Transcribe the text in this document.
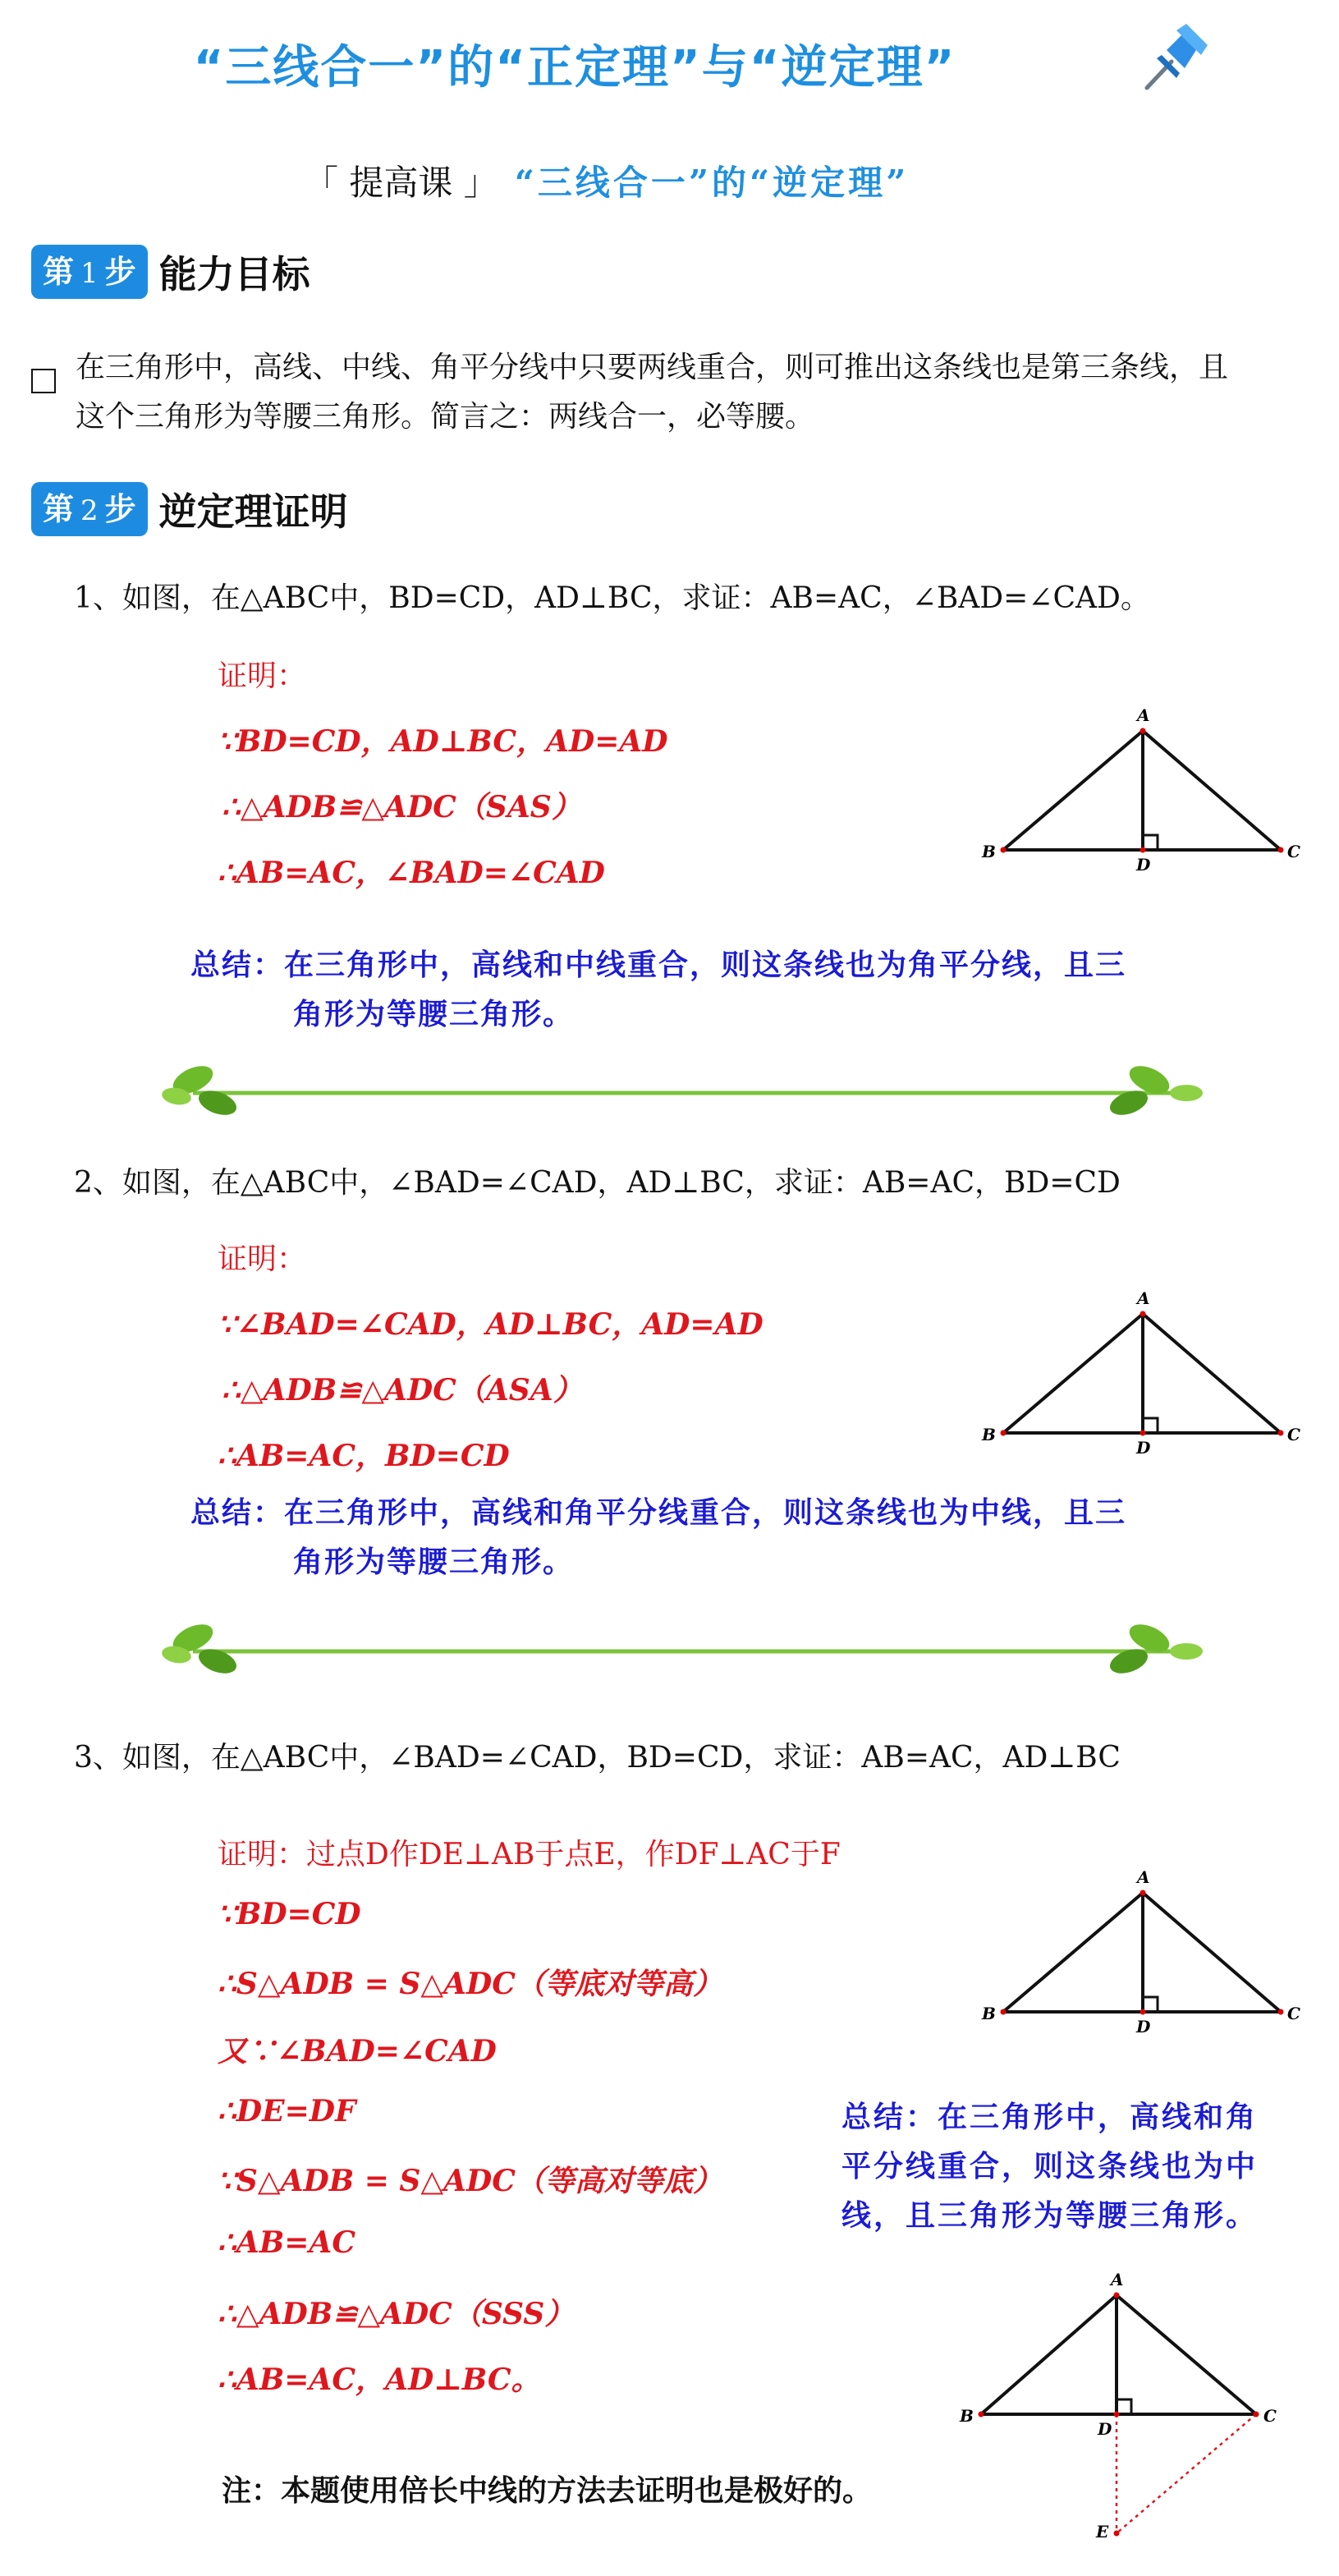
“三线合一”的“正定理”与“逆定理”
「 提高课 」 “三线合一”的“逆定理”
第 1 步 能力目标
在三角形中，高线、中线、角平分线中只要两线重合，则可推出这条线也是第三条线，且这个三角形为等腰三角形。简言之：两线合一，必等腰。
第 2 步 逆定理证明
1、如图，在△ABC中，BD=CD，AD⊥BC，求证：AB=AC，∠BAD=∠CAD。
证明：
∵BD=CD，AD⊥BC，AD=AD
∴△ADB≌△ADC（SAS）
∴AB=AC，∠BAD=∠CAD
A
B	C
D
总结：在三角形中，高线和中线重合，则这条线也为角平分线，且三
角形为等腰三角形。
2、如图，在△ABC中，∠BAD=∠CAD，AD⊥BC，求证：AB=AC，BD=CD
证明：
∵∠BAD=∠CAD，AD⊥BC，AD=AD
∴△ADB≌△ADC（ASA）
∴AB=AC，BD=CD
A
B	C
D
总结：在三角形中，高线和角平分线重合，则这条线也为中线，且三
角形为等腰三角形。
3、如图，在△ABC中，∠BAD=∠CAD，BD=CD，求证：AB=AC，AD⊥BC
证明：过点D作DE⊥AB于点E，作DF⊥AC于F
∵BD=CD
∴S△ADB = S△ADC（等底对等高）
又∵∠BAD=∠CAD
∴DE=DF
∵S△ADB = S△ADC（等高对等底）
∴AB=AC
∴△ADB≌△ADC（SSS）
∴AB=AC，AD⊥BC。
A
B	C
D
总结：在三角形中，高线和角
平分线重合，则这条线也为中
线，且三角形为等腰三角形。
A
B	C
D
E
注：本题使用倍长中线的方法去证明也是极好的。
